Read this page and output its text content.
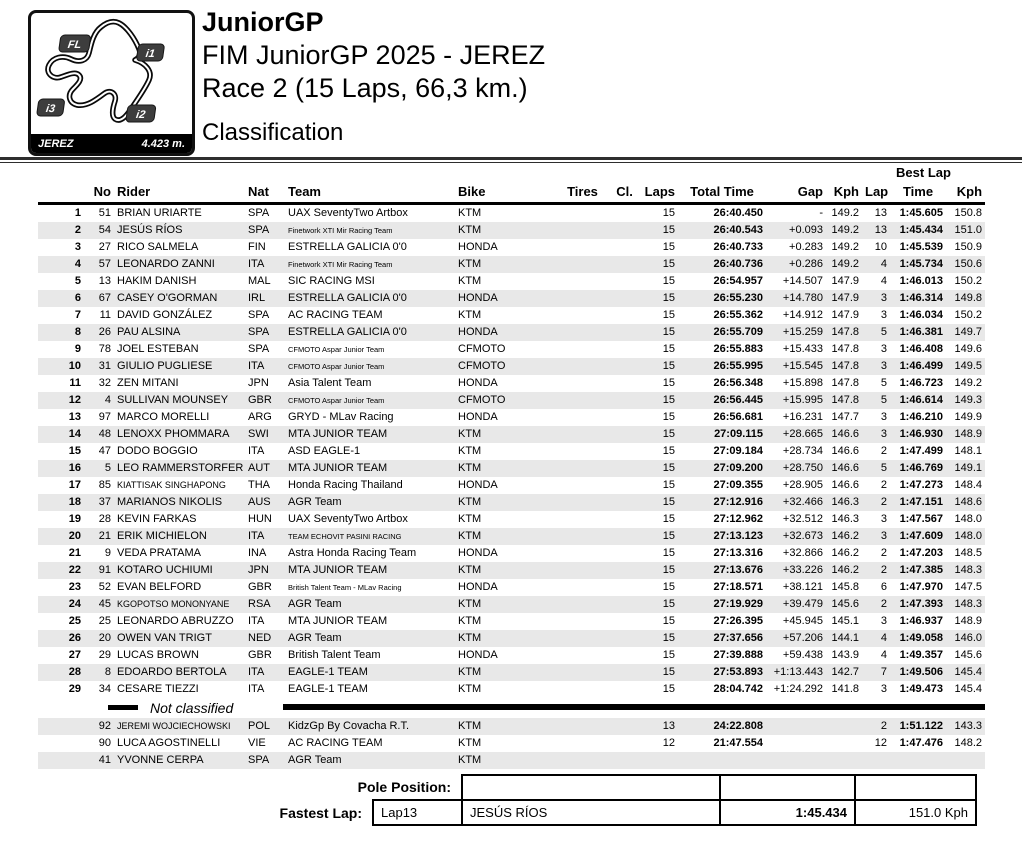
FL
i1
i3
i2
JEREZ	4.423 m.
JuniorGP
FIM JuniorGP 2025 - JEREZ
Race 2 (15 Laps, 66,3 km.)
Classification
												Best Lap		
	No	Rider	Nat	Team	Bike	Tires	Cl.	Laps	Total Time	Gap	Kph	Lap	Time	Kph
1	51	BRIAN URIARTE	SPA	UAX SeventyTwo Artbox	KTM			15	26:40.450	-	149.2	13	1:45.605	150.8
2	54	JESÚS RÍOS	SPA	Finetwork XTI Mir Racing Team	KTM			15	26:40.543	+0.093	149.2	13	1:45.434	151.0
3	27	RICO SALMELA	FIN	ESTRELLA GALICIA 0'0	HONDA			15	26:40.733	+0.283	149.2	10	1:45.539	150.9
4	57	LEONARDO ZANNI	ITA	Finetwork XTI Mir Racing Team	KTM			15	26:40.736	+0.286	149.2	4	1:45.734	150.6
5	13	HAKIM DANISH	MAL	SIC RACING MSI	KTM			15	26:54.957	+14.507	147.9	4	1:46.013	150.2
6	67	CASEY O'GORMAN	IRL	ESTRELLA GALICIA 0'0	HONDA			15	26:55.230	+14.780	147.9	3	1:46.314	149.8
7	11	DAVID GONZÁLEZ	SPA	AC RACING TEAM	KTM			15	26:55.362	+14.912	147.9	3	1:46.034	150.2
8	26	PAU ALSINA	SPA	ESTRELLA GALICIA 0'0	HONDA			15	26:55.709	+15.259	147.8	5	1:46.381	149.7
9	78	JOEL ESTEBAN	SPA	CFMOTO Aspar Junior Team	CFMOTO			15	26:55.883	+15.433	147.8	3	1:46.408	149.6
10	31	GIULIO PUGLIESE	ITA	CFMOTO Aspar Junior Team	CFMOTO			15	26:55.995	+15.545	147.8	3	1:46.499	149.5
11	32	ZEN MITANI	JPN	Asia Talent Team	HONDA			15	26:56.348	+15.898	147.8	5	1:46.723	149.2
12	4	SULLIVAN MOUNSEY	GBR	CFMOTO Aspar Junior Team	CFMOTO			15	26:56.445	+15.995	147.8	5	1:46.614	149.3
13	97	MARCO MORELLI	ARG	GRYD - MLav Racing	HONDA			15	26:56.681	+16.231	147.7	3	1:46.210	149.9
14	48	LENOXX PHOMMARA	SWI	MTA JUNIOR TEAM	KTM			15	27:09.115	+28.665	146.6	3	1:46.930	148.9
15	47	DODO BOGGIO	ITA	ASD EAGLE-1	KTM			15	27:09.184	+28.734	146.6	2	1:47.499	148.1
16	5	LEO RAMMERSTORFER	AUT	MTA JUNIOR TEAM	KTM			15	27:09.200	+28.750	146.6	5	1:46.769	149.1
17	85	KIATTISAK SINGHAPONG	THA	Honda Racing Thailand	HONDA			15	27:09.355	+28.905	146.6	2	1:47.273	148.4
18	37	MARIANOS NIKOLIS	AUS	AGR Team	KTM			15	27:12.916	+32.466	146.3	2	1:47.151	148.6
19	28	KEVIN FARKAS	HUN	UAX SeventyTwo Artbox	KTM			15	27:12.962	+32.512	146.3	3	1:47.567	148.0
20	21	ERIK MICHIELON	ITA	TEAM ECHOVIT PASINI RACING	KTM			15	27:13.123	+32.673	146.2	3	1:47.609	148.0
21	9	VEDA PRATAMA	INA	Astra Honda Racing Team	HONDA			15	27:13.316	+32.866	146.2	2	1:47.203	148.5
22	91	KOTARO UCHIUMI	JPN	MTA JUNIOR TEAM	KTM			15	27:13.676	+33.226	146.2	2	1:47.385	148.3
23	52	EVAN BELFORD	GBR	British Talent Team - MLav Racing	HONDA			15	27:18.571	+38.121	145.8	6	1:47.970	147.5
24	45	KGOPOTSO MONONYANE	RSA	AGR Team	KTM			15	27:19.929	+39.479	145.6	2	1:47.393	148.3
25	25	LEONARDO ABRUZZO	ITA	MTA JUNIOR TEAM	KTM			15	27:26.395	+45.945	145.1	3	1:46.937	148.9
26	20	OWEN VAN TRIGT	NED	AGR Team	KTM			15	27:37.656	+57.206	144.1	4	1:49.058	146.0
27	29	LUCAS BROWN	GBR	British Talent Team	HONDA			15	27:39.888	+59.438	143.9	4	1:49.357	145.6
28	8	EDOARDO BERTOLA	ITA	EAGLE-1 TEAM	KTM			15	27:53.893	+1:13.443	142.7	7	1:49.506	145.4
29	34	CESARE TIEZZI	ITA	EAGLE-1 TEAM	KTM			15	28:04.742	+1:24.292	141.8	3	1:49.473	145.4

Not classified														

	92	JEREMI WOJCIECHOWSKI	POL	KidzGp By Covacha R.T.	KTM			13	24:22.808			2	1:51.122	143.3
	90	LUCA AGOSTINELLI	VIE	AC RACING TEAM	KTM			12	21:47.554			12	1:47.476	148.2
	41	YVONNE CERPA	SPA	AGR Team	KTM									
Pole Position:				
Fastest Lap:	Lap13	JESÚS RÍOS	1:45.434	151.0 Kph
